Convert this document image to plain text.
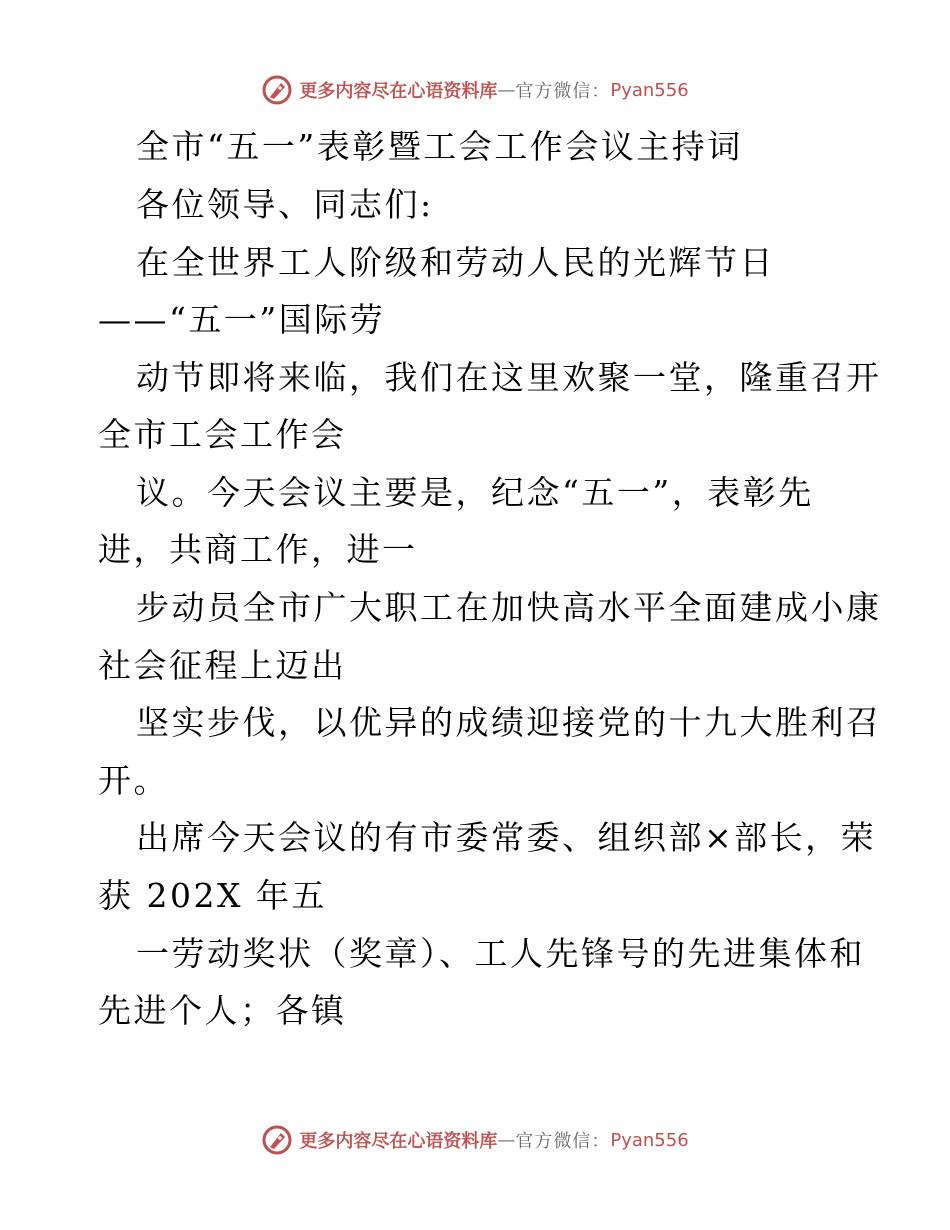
更多内容尽在心语资料库 — 官方微信： Pyan556
全市“五一”表彰暨工会工作会议主持词
各位领导、同志们:
在全世界工人阶级和劳动人民的光辉节日
——“五一”国际劳
动节即将来临，我们在这里欢聚一堂，隆重召开
全市工会工作会
议。今天会议主要是，纪念“五一”，表彰先
进，共商工作，进一
步动员全市广大职工在加快高水平全面建成小康
社会征程上迈出
坚实步伐，以优异的成绩迎接党的十九大胜利召
开。
出席今天会议的有市委常委、组织部×部长，荣
获 202X 年五
一劳动奖状（奖章）、工人先锋号的先进集体和
先进个人；各镇
更多内容尽在心语资料库 — 官方微信： Pyan556
